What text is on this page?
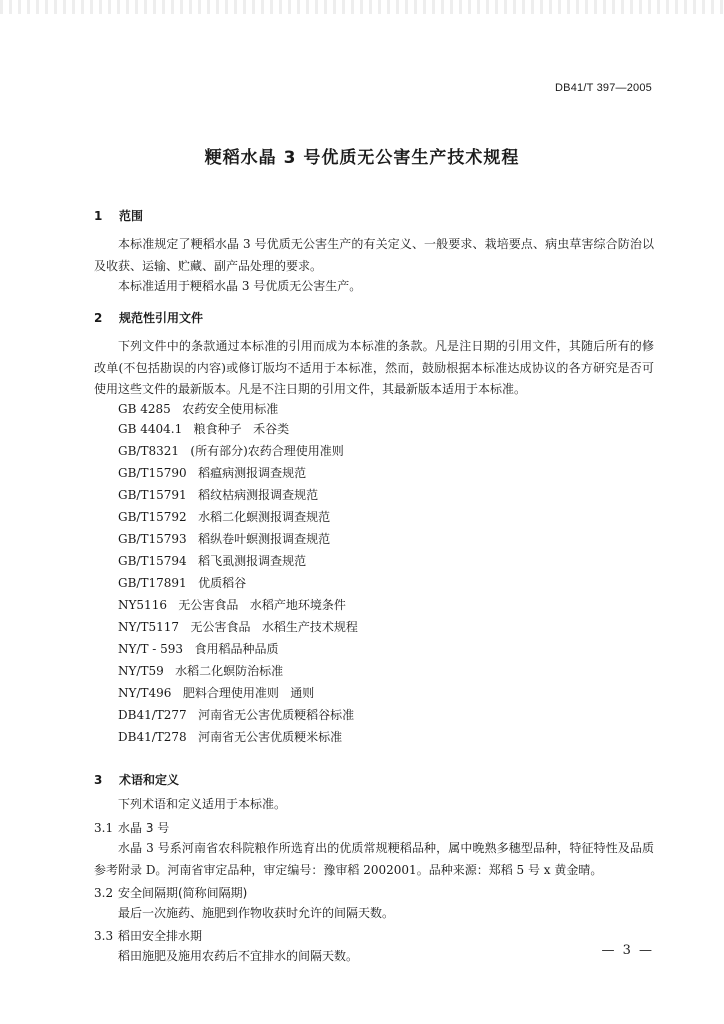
DB41/T 397—2005
粳稻水晶 3 号优质无公害生产技术规程
1 范围
本标准规定了粳稻水晶 3 号优质无公害生产的有关定义、一般要求、栽培要点、病虫草害综合防治以及收获、运输、贮藏、副产品处理的要求。
本标准适用于粳稻水晶 3 号优质无公害生产。
2 规范性引用文件
下列文件中的条款通过本标准的引用而成为本标准的条款。凡是注日期的引用文件，其随后所有的修改单(不包括勘误的内容)或修订版均不适用于本标准，然而，鼓励根据本标准达成协议的各方研究是否可使用这些文件的最新版本。凡是不注日期的引用文件，其最新版本适用于本标准。
GB 4285   农药安全使用标准
GB 4404.1   粮食种子   禾谷类
GB/T8321   (所有部分)农药合理使用准则
GB/T15790   稻瘟病测报调查规范
GB/T15791   稻纹枯病测报调查规范
GB/T15792   水稻二化螟测报调查规范
GB/T15793   稻纵卷叶螟测报调查规范
GB/T15794   稻飞虱测报调查规范
GB/T17891   优质稻谷
NY5116   无公害食品   水稻产地环境条件
NY/T5117   无公害食品   水稻生产技术规程
NY/T - 593   食用稻品种品质
NY/T59   水稻二化螟防治标准
NY/T496   肥料合理使用准则   通则
DB41/T277   河南省无公害优质粳稻谷标准
DB41/T278   河南省无公害优质粳米标准
3 术语和定义
下列术语和定义适用于本标准。
3.1 水晶 3 号
水晶 3 号系河南省农科院粮作所选育出的优质常规粳稻品种，属中晚熟多穗型品种，特征特性及品质参考附录 D。河南省审定品种，审定编号：豫审稻 2002001。品种来源：郑稻 5 号 x 黄金晴。
3.2 安全间隔期(简称间隔期)
最后一次施药、施肥到作物收获时允许的间隔天数。
3.3 稻田安全排水期
稻田施肥及施用农药后不宜排水的间隔天数。	— 3 —
